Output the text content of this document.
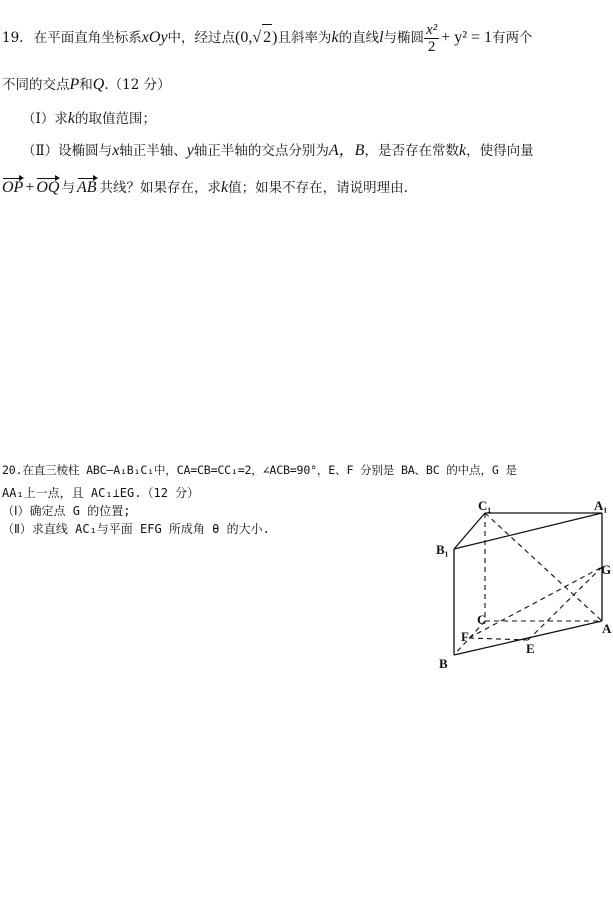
19. 在平面直角坐标系xOy中，经过点(0,√ 2)且斜率为k的直线l与椭圆 $\frac{\text{x²}}{2} + y^2 = 1$有两个
不同的交点P和Q.（12 分）
（Ⅰ）求k的取值范围；
（Ⅱ）设椭圆与x轴正半轴、y轴正半轴的交点分别为A，B，是否存在常数k，使得向量
OP + OQ 与 AB 共线？如果存在，求k值；如果不存在，请说明理由.
20.在直三棱柱 ABC—A₁B₁C₁中，CA=CB=CC₁=2，∠ACB=90°，E、F 分别是 BA、BC 的中点，G 是
AA₁上一点，且 AC₁⊥EG.（12 分）
（Ⅰ）确定点 G 的位置;
（Ⅱ）求直线 AC₁与平面 EFG 所成角 θ 的大小.
C₁	A₁
B₁
G
C
A
F
E
B
